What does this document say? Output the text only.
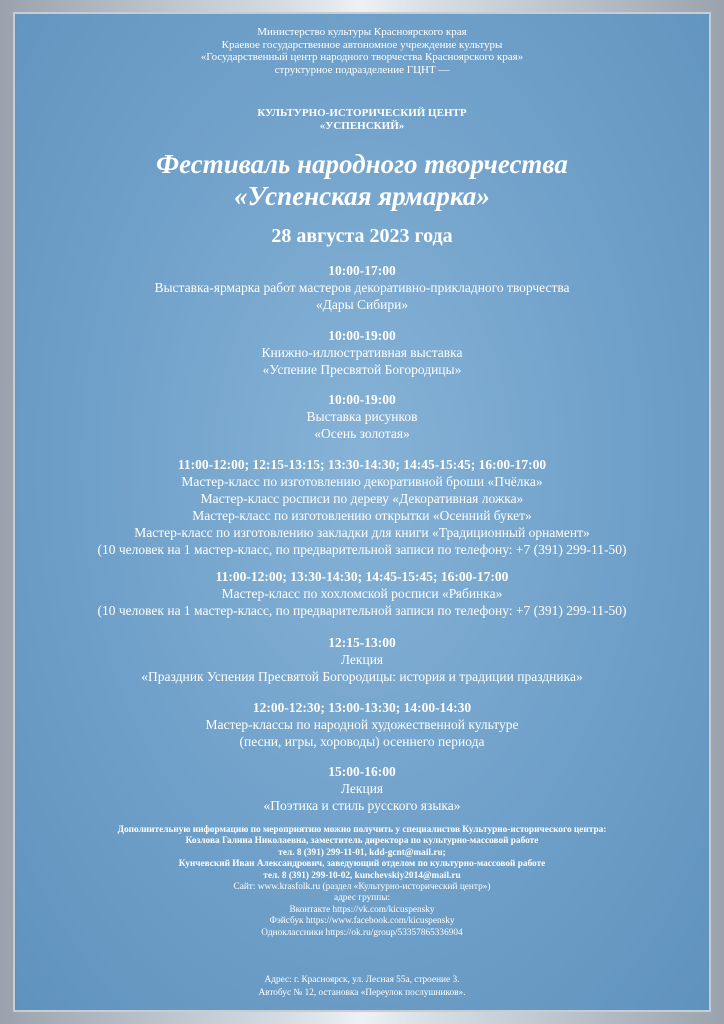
Министерство культуры Красноярского края
Краевое государственное автономное учреждение культуры
«Государственный центр народного творчества Красноярского края»
структурное подразделение ГЦНТ —
КУЛЬТУРНО-ИСТОРИЧЕСКИЙ ЦЕНТР
«УСПЕНСКИЙ»
Фестиваль народного творчества
«Успенская ярмарка»
28 августа 2023 года
10:00-17:00
Выставка-ярмарка работ мастеров декоративно-прикладного творчества
«Дары Сибири»
10:00-19:00
Книжно-иллюстративная выставка
«Успение Пресвятой Богородицы»
10:00-19:00
Выставка рисунков
«Осень золотая»
11:00-12:00; 12:15-13:15; 13:30-14:30; 14:45-15:45; 16:00-17:00
Мастер-класс по изготовлению декоративной броши «Пчёлка»
Мастер-класс росписи по дереву «Декоративная ложка»
Мастер-класс по изготовлению открытки «Осенний букет»
Мастер-класс по изготовлению закладки для книги «Традиционный орнамент»
(10 человек на 1 мастер-класс, по предварительной записи по телефону: +7 (391) 299-11-50)
11:00-12:00; 13:30-14:30; 14:45-15:45; 16:00-17:00
Мастер-класс по хохломской росписи «Рябинка»
(10 человек на 1 мастер-класс, по предварительной записи по телефону: +7 (391) 299-11-50)
12:15-13:00
Лекция
«Праздник Успения Пресвятой Богородицы: история и традиции праздника»
12:00-12:30; 13:00-13:30; 14:00-14:30
Мастер-классы по народной художественной культуре
(песни, игры, хороводы) осеннего периода
15:00-16:00
Лекция
«Поэтика и стиль русского языка»
Дополнительную информацию по мероприятию можно получить у специалистов Культурно-исторического центра:
Козлова Галина Николаевна, заместитель директора по культурно-массовой работе
тел. 8 (391) 299-11-01, kdd-gcnt@mail.ru;
Кунчевский Иван Александрович, заведующий отделом по культурно-массовой работе
тел. 8 (391) 299-10-02, kunchevskiy2014@mail.ru
Сайт: www.krasfolk.ru (раздел «Культурно-исторический центр»)
адрес группы:
Вконтакте https://vk.com/kicuspensky
Фэйсбук https://www.facebook.com/kicuspensky
Одноклассники https://ok.ru/group/53357865336904
Адрес: г. Красноярск, ул. Лесная 55а, строение 3.
Автобус № 12, остановка «Переулок послушников».
